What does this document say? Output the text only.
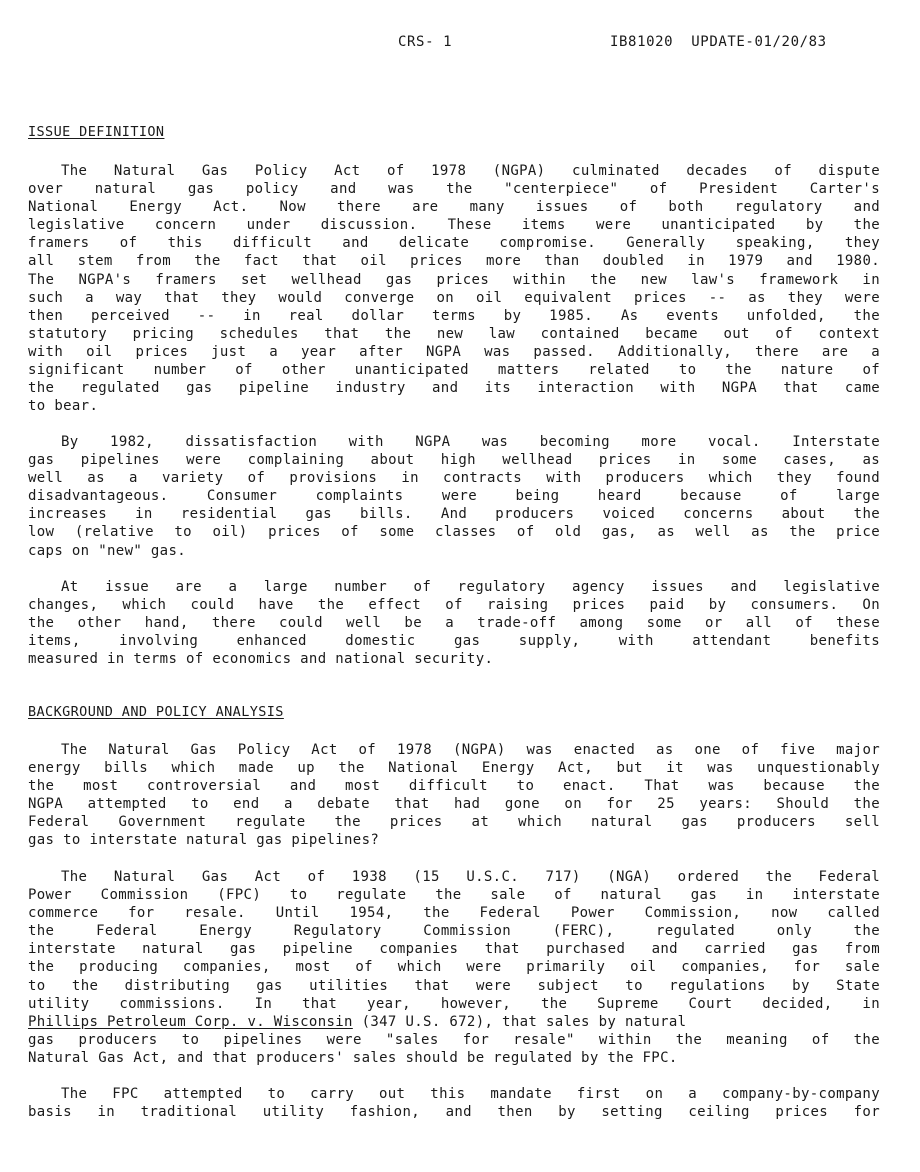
CRS- 1	IB81020  UPDATE-01/20/83
ISSUE DEFINITION
The Natural Gas Policy Act of 1978 (NGPA) culminated decades of dispute
over natural gas policy and was the "centerpiece" of President Carter's
National Energy Act. Now there are many issues of both regulatory and
legislative concern under discussion. These items were unanticipated by the
framers of this difficult and delicate compromise. Generally speaking, they
all stem from the fact that oil prices more than doubled in 1979 and 1980.
The NGPA's framers set wellhead gas prices within the new law's framework in
such a way that they would converge on oil equivalent prices -- as they were
then perceived -- in real dollar terms by 1985. As events unfolded, the
statutory pricing schedules that the new law contained became out of context
with oil prices just a year after NGPA was passed. Additionally, there are a
significant number of other unanticipated matters related to the nature of
the regulated gas pipeline industry and its interaction with NGPA that came
to bear.
By 1982, dissatisfaction with NGPA was becoming more vocal. Interstate
gas pipelines were complaining about high wellhead prices in some cases, as
well as a variety of provisions in contracts with producers which they found
disadvantageous. Consumer complaints were being heard because of large
increases in residential gas bills. And producers voiced concerns about the
low (relative to oil) prices of some classes of old gas, as well as the price
caps on "new" gas.
At issue are a large number of regulatory agency issues and legislative
changes, which could have the effect of raising prices paid by consumers. On
the other hand, there could well be a trade-off among some or all of these
items, involving enhanced domestic gas supply, with attendant benefits
measured in terms of economics and national security.
BACKGROUND AND POLICY ANALYSIS
The Natural Gas Policy Act of 1978 (NGPA) was enacted as one of five major
energy bills which made up the National Energy Act, but it was unquestionably
the most controversial and most difficult to enact. That was because the
NGPA attempted to end a debate that had gone on for 25 years: Should the
Federal Government regulate the prices at which natural gas producers sell
gas to interstate natural gas pipelines?
The Natural Gas Act of 1938 (15 U.S.C. 717) (NGA) ordered the Federal
Power Commission (FPC) to regulate the sale of natural gas in interstate
commerce for resale. Until 1954, the Federal Power Commission, now called
the Federal Energy Regulatory Commission (FERC), regulated only the
interstate natural gas pipeline companies that purchased and carried gas from
the producing companies, most of which were primarily oil companies, for sale
to the distributing gas utilities that were subject to regulations by State
utility commissions. In that year, however, the Supreme Court decided, in
Phillips Petroleum Corp. v. Wisconsin (347 U.S. 672), that sales by natural
gas producers to pipelines were "sales for resale" within the meaning of the
Natural Gas Act, and that producers' sales should be regulated by the FPC.
The FPC attempted to carry out this mandate first on a company-by-company
basis in traditional utility fashion, and then by setting ceiling prices for
